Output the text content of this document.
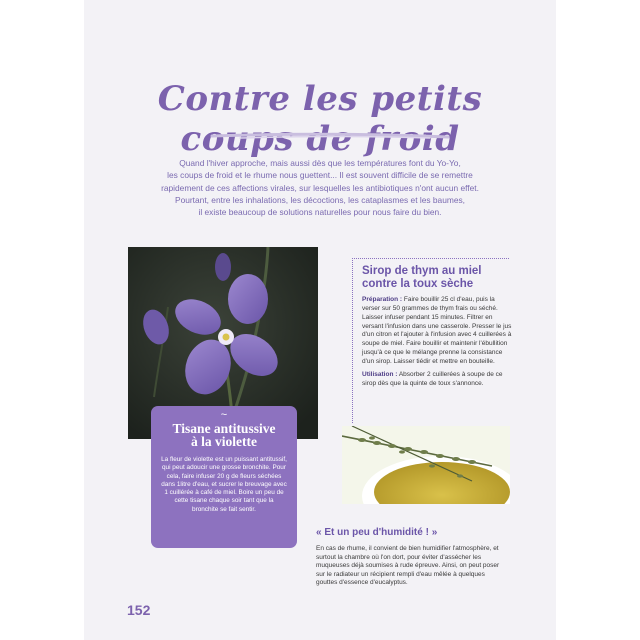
Contre les petits
coups de froid

Quand l'hiver approche, mais aussi dès que les températures font du Yo-Yo,

les coups de froid et le rhume nous guettent... Il est souvent difficile de se remettre

rapidement de ces affections virales, sur lesquelles les antibiotiques n'ont aucun effet.

Pourtant, entre les inhalations, les décoctions, les cataplasmes et les baumes,

il existe beaucoup de solutions naturelles pour nous faire du bien.

~
Tisane antitussive
à la violette

La fleur de violette est un puissant antitussif, qui peut adoucir une grosse bronchite. Pour cela, faire infuser 20 g de fleurs séchées dans 1litre d'eau, et sucrer le breuvage avec 1 cuillérée à café de miel. Boire un peu de cette tisane chaque soir tant que la bronchite se fait sentir.

Sirop de thym au miel
contre la toux sèche

Préparation : Faire bouillir 25 cl d'eau, puis la verser sur 50 grammes de thym frais ou séché. Laisser infuser pendant 15 minutes. Filtrer en versant l'infusion dans une casserole. Presser le jus d'un citron et l'ajouter à l'infusion avec 4 cuillerées à soupe de miel. Faire bouillir et maintenir l'ébullition jusqu'à ce que le mélange prenne la consistance d'un sirop. Laisser tiédir et mettre en bouteille.

Utilisation : Absorber 2 cuillerées à soupe de ce sirop dès que la quinte de toux s'annonce.

« Et un peu d'humidité ! »

En cas de rhume, il convient de bien humidifier l'atmosphère, et surtout la chambre où l'on dort, pour éviter d'assécher les muqueuses déjà soumises à rude épreuve. Ainsi, on peut poser sur le radiateur un récipient rempli d'eau mêlée à quelques gouttes d'essence d'eucalyptus.

152
